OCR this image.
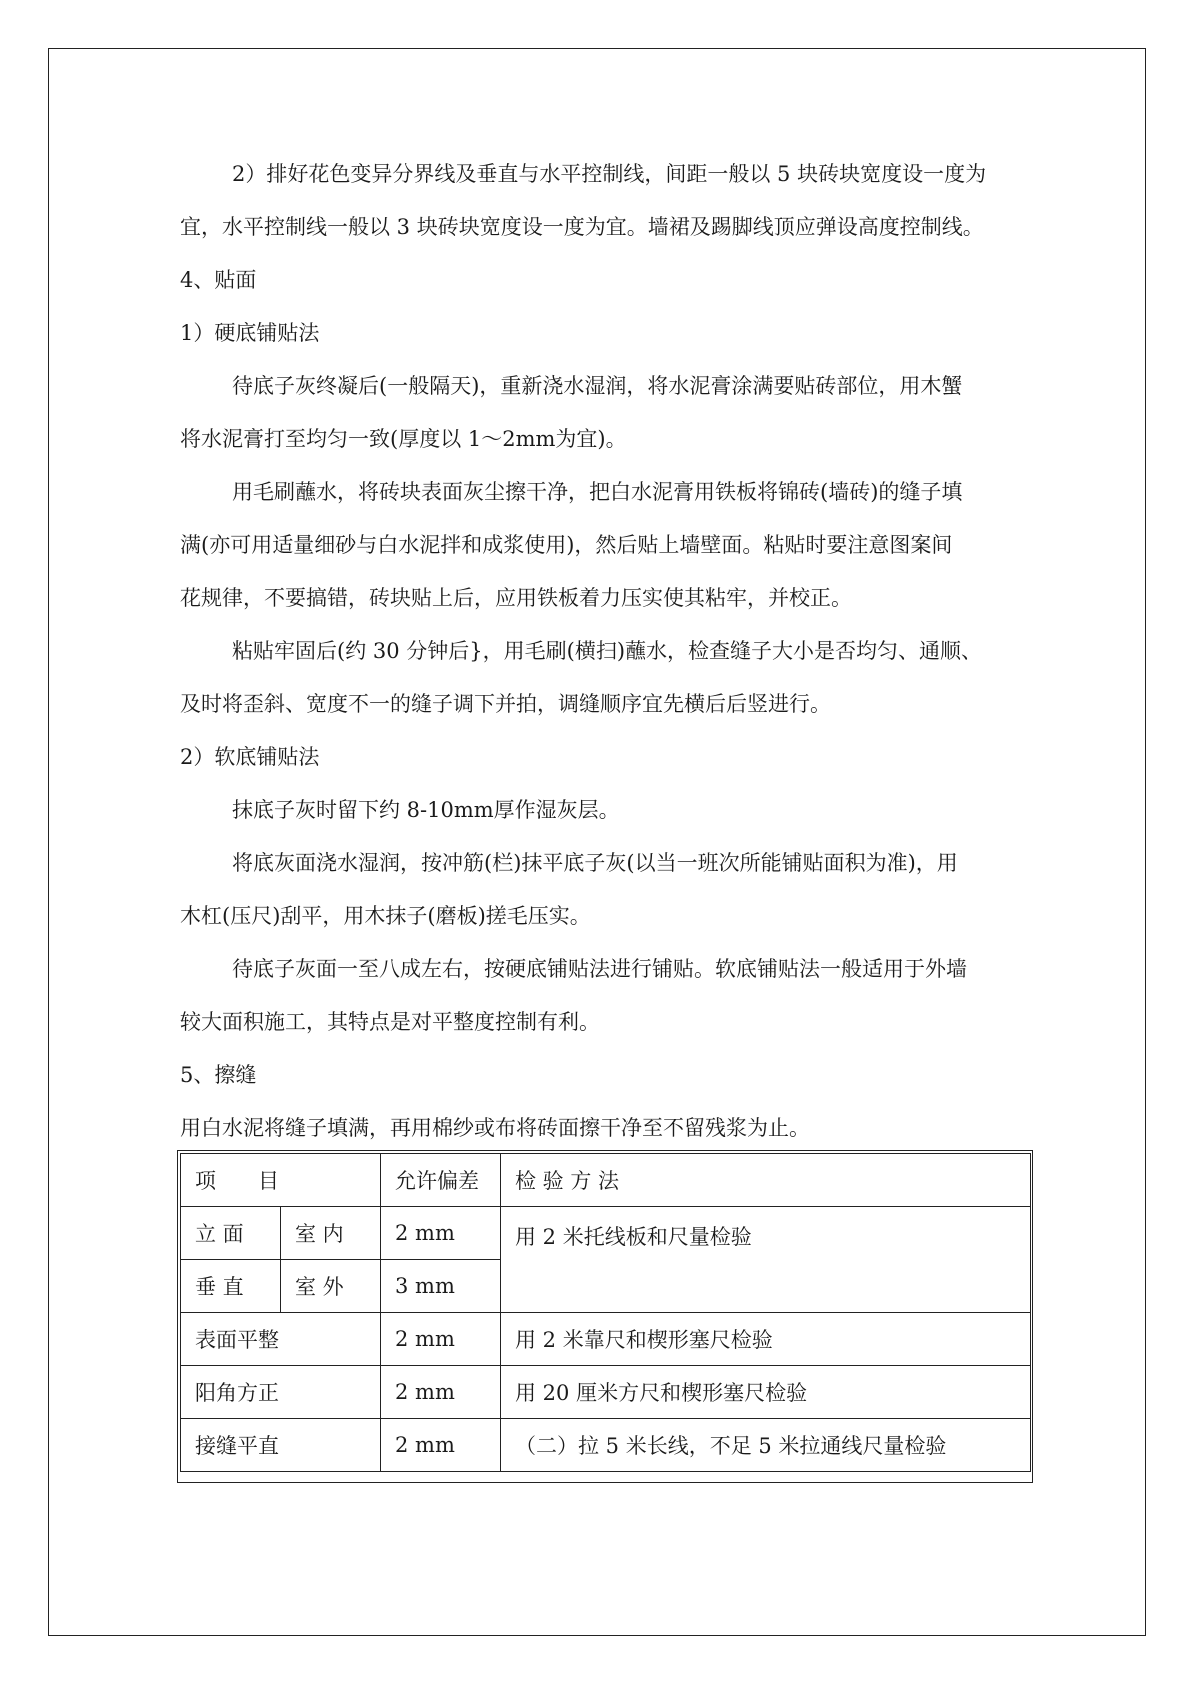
2）排好花色变异分界线及垂直与水平控制线，间距一般以 5 块砖块宽度设一度为
宜，水平控制线一般以 3 块砖块宽度设一度为宜。墙裙及踢脚线顶应弹设高度控制线。
4、贴面
1）硬底铺贴法
待底子灰终凝后(一般隔天)，重新浇水湿润，将水泥膏涂满要贴砖部位，用木蟹
将水泥膏打至均匀一致(厚度以 1～2mm为宜)。
用毛刷蘸水，将砖块表面灰尘擦干净，把白水泥膏用铁板将锦砖(墙砖)的缝子填
满(亦可用适量细砂与白水泥拌和成浆使用)，然后贴上墙壁面。粘贴时要注意图案间
花规律，不要搞错，砖块贴上后，应用铁板着力压实使其粘牢，并校正。
粘贴牢固后(约 30 分钟后}，用毛刷(横扫)蘸水，检查缝子大小是否均匀、通顺、
及时将歪斜、宽度不一的缝子调下并拍，调缝顺序宜先横后后竖进行。
2）软底铺贴法
抹底子灰时留下约 8-10mm厚作湿灰层。
将底灰面浇水湿润，按冲筋(栏)抹平底子灰(以当一班次所能铺贴面积为准)，用
木杠(压尺)刮平，用木抹子(磨板)搓毛压实。
待底子灰面一至八成左右，按硬底铺贴法进行铺贴。软底铺贴法一般适用于外墙
较大面积施工，其特点是对平整度控制有利。
5、擦缝
用白水泥将缝子填满，再用棉纱或布将砖面擦干净至不留残浆为止。
项　　目		允许偏差	检 验 方 法
立 面	室 内	2 mm	用 2 米托线板和尺量检验
垂 直	室 外	3 mm	
表面平整		2 mm	用 2 米靠尺和楔形塞尺检验
阳角方正		2 mm	用 20 厘米方尺和楔形塞尺检验
接缝平直		2 mm	（二）拉 5 米长线，不足 5 米拉通线尺量检验
